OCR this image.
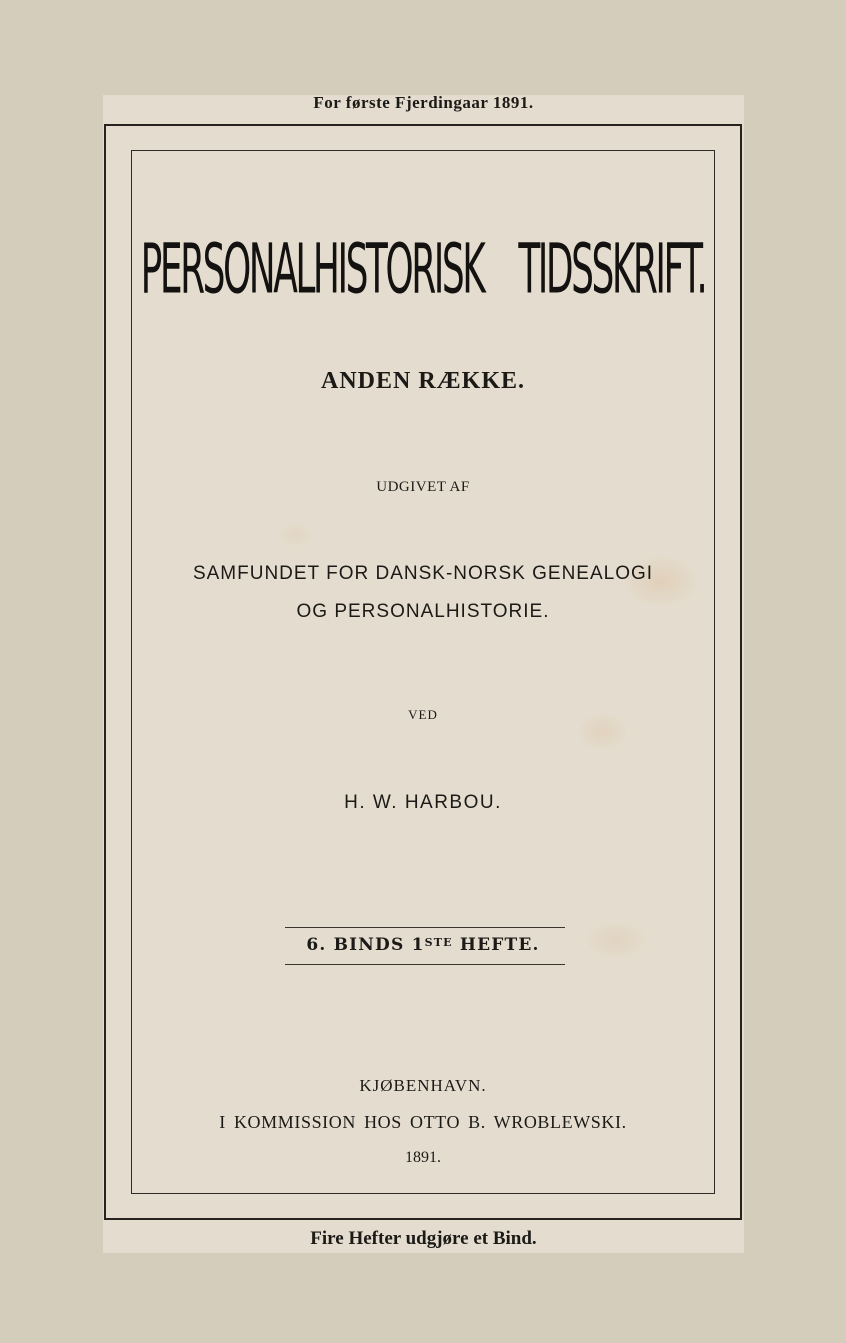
For første Fjerdingaar 1891.

PERSONALHISTORISK TIDSSKRIFT.

ANDEN RÆKKE.

UDGIVET AF

SAMFUNDET FOR DANSK-NORSK GENEALOGI

OG PERSONALHISTORIE.

VED

H. W. HARBOU.

6. BINDS 1STE HEFTE.

KJØBENHAVN.

I KOMMISSION HOS OTTO B. WROBLEWSKI.

1891.

Fire Hefter udgjøre et Bind.
